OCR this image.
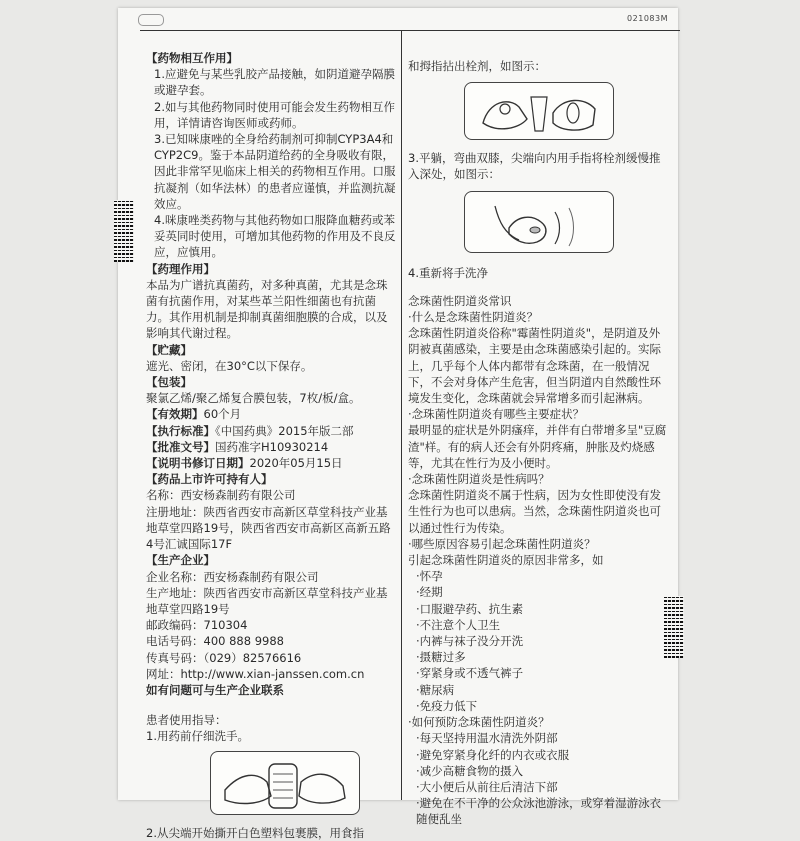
021083M

【药物相互作用】

1.应避免与某些乳胶产品接触，如阴道避孕隔膜或避孕套。

2.如与其他药物同时使用可能会发生药物相互作用，详情请咨询医师或药师。

3.已知咪康唑的全身给药制剂可抑制CYP3A4和CYP2C9。鉴于本品阴道给药的全身吸收有限，因此非常罕见临床上相关的药物相互作用。口服抗凝剂（如华法林）的患者应谨慎，并监测抗凝效应。

4.咪康唑类药物与其他药物如口服降血糖药或苯妥英同时使用，可增加其他药物的作用及不良反应，应慎用。

【药理作用】

本品为广谱抗真菌药，对多种真菌，尤其是念珠菌有抗菌作用，对某些革兰阳性细菌也有抗菌力。其作用机制是抑制真菌细胞膜的合成，以及影响其代谢过程。

【贮藏】

遮光、密闭，在30°C以下保存。

【包装】

聚氯乙烯/聚乙烯复合膜包装，7枚/板/盒。

【有效期】60个月

【执行标准】《中国药典》2015年版二部

【批准文号】国药准字H10930214

【说明书修订日期】2020年05月15日

【药品上市许可持有人】

名称：西安杨森制药有限公司

注册地址：陕西省西安市高新区草堂科技产业基地草堂四路19号，陕西省西安市高新区高新五路4号汇诚国际17F

【生产企业】

企业名称：西安杨森制药有限公司

生产地址：陕西省西安市高新区草堂科技产业基地草堂四路19号

邮政编码：710304

电话号码：400 888 9988

传真号码：（029）82576616

网址：http://www.xian-janssen.com.cn

如有问题可与生产企业联系

患者使用指导：

1.用药前仔细洗手。

2.从尖端开始撕开白色塑料包裹膜，用食指

和拇指拈出栓剂，如图示：

3.平躺，弯曲双膝，尖端向内用手指将栓剂缓慢推入深处，如图示：

4.重新将手洗净

念珠菌性阴道炎常识

·什么是念珠菌性阴道炎？

念珠菌性阴道炎俗称"霉菌性阴道炎"，是阴道及外阴被真菌感染，主要是由念珠菌感染引起的。实际上，几乎每个人体内都带有念珠菌，在一般情况下，不会对身体产生危害，但当阴道内自然酸性环境发生变化，念珠菌就会异常增多而引起淋病。

·念珠菌性阴道炎有哪些主要症状？

最明显的症状是外阴瘙痒，并伴有白带增多呈"豆腐渣"样。有的病人还会有外阴疼痛，肿胀及灼烧感等，尤其在性行为及小便时。

·念珠菌性阴道炎是性病吗？

念珠菌性阴道炎不属于性病，因为女性即使没有发生性行为也可以患病。当然，念珠菌性阴道炎也可以通过性行为传染。

·哪些原因容易引起念珠菌性阴道炎？

引起念珠菌性阴道炎的原因非常多，如

·怀孕

·经期

·口服避孕药、抗生素

·不注意个人卫生

·内裤与袜子没分开洗

·摄糖过多

·穿紧身或不透气裤子

·糖尿病

·免疫力低下

·如何预防念珠菌性阴道炎？

·每天坚持用温水清洗外阴部

·避免穿紧身化纤的内衣或衣服

·减少高糖食物的摄入

·大小便后从前往后清洁下部

·避免在不干净的公众泳池游泳，或穿着湿游泳衣随便乱坐
